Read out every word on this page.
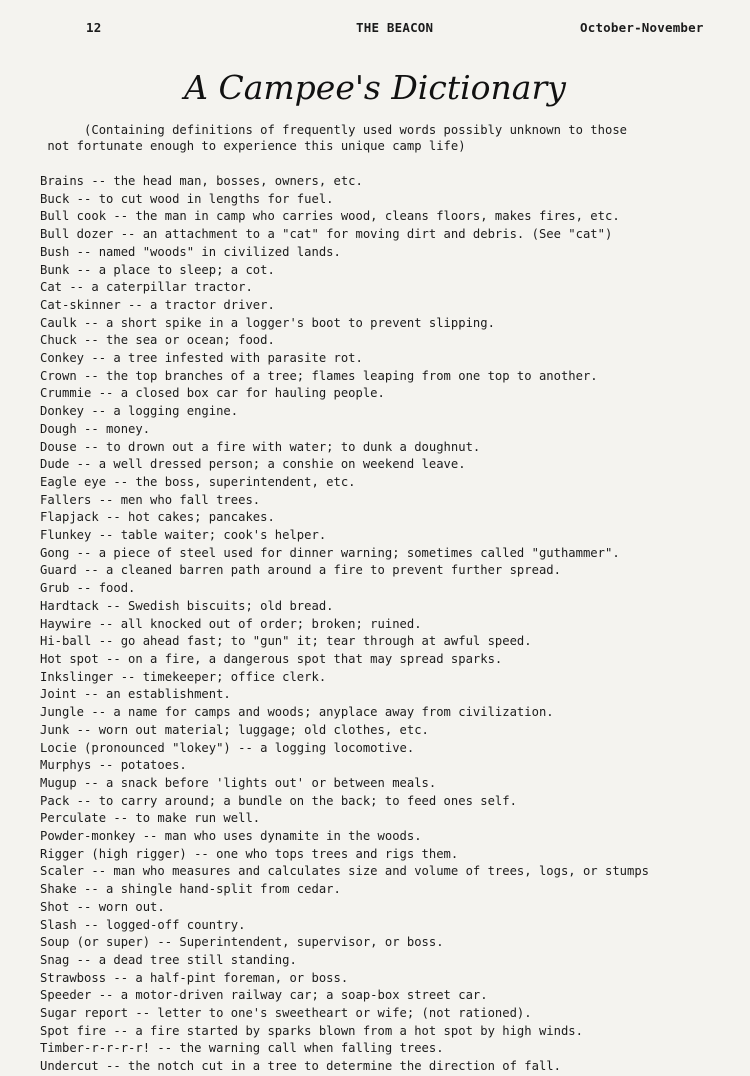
12	THE BEACON	October-November
A Campee's Dictionary
(Containing definitions of frequently used words possibly unknown to those
not fortunate enough to experience this unique camp life)
Brains -- the head man, bosses, owners, etc.
Buck -- to cut wood in lengths for fuel.
Bull cook -- the man in camp who carries wood, cleans floors, makes fires, etc.
Bull dozer -- an attachment to a "cat" for moving dirt and debris. (See "cat")
Bush -- named "woods" in civilized lands.
Bunk -- a place to sleep; a cot.
Cat -- a caterpillar tractor.
Cat-skinner -- a tractor driver.
Caulk -- a short spike in a logger's boot to prevent slipping.
Chuck -- the sea or ocean; food.
Conkey -- a tree infested with parasite rot.
Crown -- the top branches of a tree; flames leaping from one top to another.
Crummie -- a closed box car for hauling people.
Donkey -- a logging engine.
Dough -- money.
Douse -- to drown out a fire with water; to dunk a doughnut.
Dude -- a well dressed person; a conshie on weekend leave.
Eagle eye -- the boss, superintendent, etc.
Fallers -- men who fall trees.
Flapjack -- hot cakes; pancakes.
Flunkey -- table waiter; cook's helper.
Gong -- a piece of steel used for dinner warning; sometimes called "guthammer".
Guard -- a cleaned barren path around a fire to prevent further spread.
Grub -- food.
Hardtack -- Swedish biscuits; old bread.
Haywire -- all knocked out of order; broken; ruined.
Hi-ball -- go ahead fast; to "gun" it; tear through at awful speed.
Hot spot -- on a fire, a dangerous spot that may spread sparks.
Inkslinger -- timekeeper; office clerk.
Joint -- an establishment.
Jungle -- a name for camps and woods; anyplace away from civilization.
Junk -- worn out material; luggage; old clothes, etc.
Locie (pronounced "lokey") -- a logging locomotive.
Murphys -- potatoes.
Mugup -- a snack before 'lights out' or between meals.
Pack -- to carry around; a bundle on the back; to feed ones self.
Perculate -- to make run well.
Powder-monkey -- man who uses dynamite in the woods.
Rigger (high rigger) -- one who tops trees and rigs them.
Scaler -- man who measures and calculates size and volume of trees, logs, or stumps
Shake -- a shingle hand-split from cedar.
Shot -- worn out.
Slash -- logged-off country.
Soup (or super) -- Superintendent, supervisor, or boss.
Snag -- a dead tree still standing.
Strawboss -- a half-pint foreman, or boss.
Speeder -- a motor-driven railway car; a soap-box street car.
Sugar report -- letter to one's sweetheart or wife; (not rationed).
Spot fire -- a fire started by sparks blown from a hot spot by high winds.
Timber-r-r-r-r! -- the warning call when falling trees.
Undercut -- the notch cut in a tree to determine the direction of fall.
